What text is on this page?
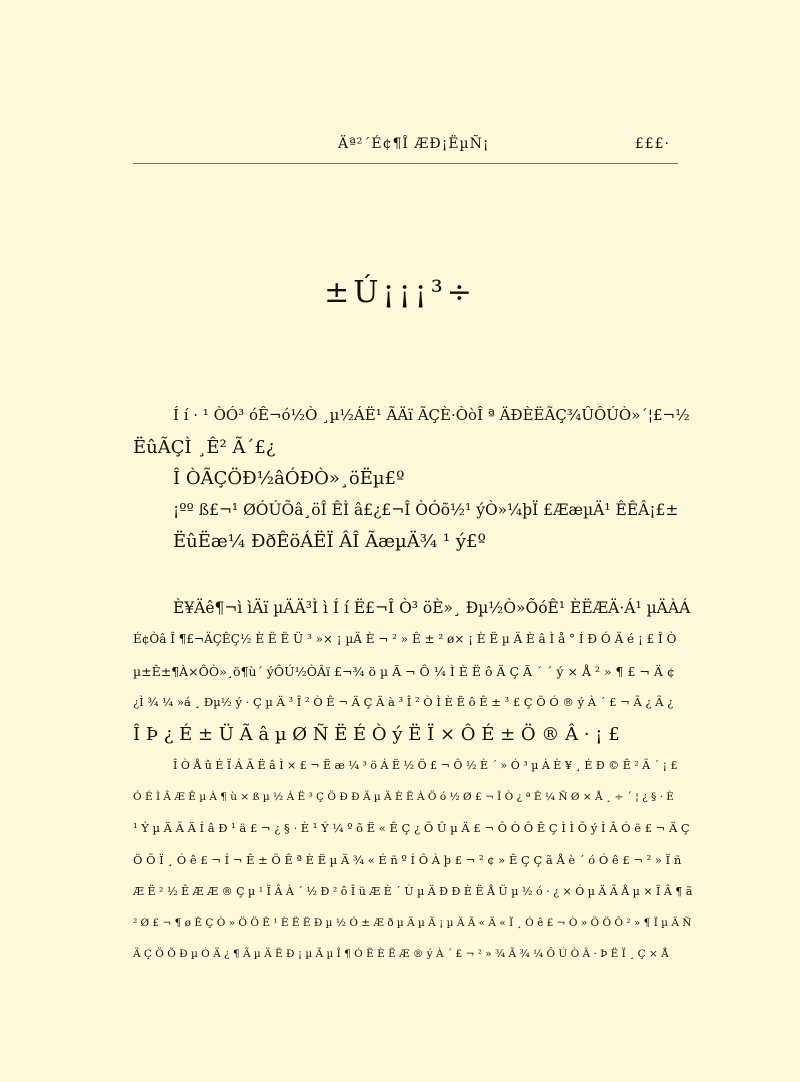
Äª²´É¢¶Î ÆÐ¡ËµÑ¡	£££·
±Ú¡¡¡³÷

Í í · ¹ ÒÓ³ óÊ¬ó½Ò ¸µ½ÁË¹ ÃÄï ÃÇÈ·ÒòÎ ª ÄÐÈËÃÇ¾ÛÔÚÒ»´¦£¬½

ËûÃÇÌ ¸Ê² Ã´£¿

Î ÒÃÇÖÐ½âÓÐÒ»¸öËµ£º

¡ºº ß£¬¹ ØÓÚÕâ¸öÎ ÊÌ â£¿£¬Î ÒÓõ½¹ ýÒ»¼þÏ £ÆæµÄ¹ ÊÊÂ¡£±

ËûËæ¼ ÐðÊöÁËÏ ÂÎ ÃæµÄ¾ ¹ ý£º

È¥Äê¶¬ì ìÄï µÄÄ³Ì ì Í í Ë£¬Î Ò³ öÈ»¸ Ðµ½Ò»ÕóÊ¹ ÈËÆÄ·Á¹ µÄÀÁ

É¢Òâ Î ¶£¬ÄÇÊÇ½ È Ë Ë Ü ³ »× ¡ µÄ È ¬ ² » Ê ± ² ø× ¡ È Ë µ Ä È â Ì å ° Í Ð Ó Ä é ¡ £ Î Ò

µ±Ê±¶À×ÔÒ»¸ö¶ù´ ýÔÚ½ÒÂï £¬¾ ö µ Ã ¬ Ô ¼ Ì È Ë ô Ä Ç Ã ´ ´ ý × Å ² » ¶ £ ¬ Ä ¢

¿Ì ¾ ¼ »á ¸ Ðµ½ ý · Ç µ Ä ³ Î ² Ò Ê ¬ Ä Ç Ä à ³ Î ² Ò Ì È Ë ô Ê ± ³ £ Ç Ö Ó ® ý À ´ £ ¬ Ã ¿ Ã ¿

Î Þ ¿ É ± Ü Ã â µ Ø Ñ Ë É Ò ý Ë Ï × Ô É ± Ö ® Â · ¡ £

Î Ò Å û É Ï Á Ã Ë â Ì × £ ¬ Ë æ ¼ ³ ö Á Ë ½ Ö £ ¬ Ô ½ È ´ » Ó ³ µ À È ¥ ¸ É Ð © Ê ² Ã ´ ¡ £

Ó É Ì Â Æ Ê µ À ¶ ù × ß µ ½ Á Ë ³ Ç Ö Ð Ð Ä µ Ä È Ë À Ö ó ½ Ø £ ¬ Î Ò ¿ ª Ê ¼ Ñ Ø × Å ¸ ÷ ´ ¦ ¿ § · È

¹ Ý µ Ä Ã Ä Í â Ð ¹ ä £ ¬ ¿ § · È ¹ Ý ¼ º õ Ë « Ê Ç ¿ Õ Û µ Ä £ ¬ Ô Ò Ô Ê Ç Ì Ì Õ ý Ì Â Ó ë £ ¬ Ä Ç

Ö Õ Ï ¸ Ó ê £ ¬ Í ¬ Ê ± Õ Ê ª È Ë µ Ä ¾ « É ñ º Í Ô À þ £ ¬ ² ¢ » Ê Ç Ç ã Å è ´ ó Ó ê £ ¬ ² » Ï ñ

Æ Ë ² ½ Ê Æ Æ ® Ç µ ¹ Ï Â À ´ ½ Ð ² ô Î ü Æ È ´ Ù µ Ä Ð Ð È Ë Å Ü µ ½ ó · ¿ × Ó µ Ä Ã Å µ × Ï Â ¶ ã

² Ø £ ¬ ¶ ø Ê Ç Ò » Ö Ö Ê ¹ È Ë Ë Ð µ ½ Ó ± Æ ð µ Ä µ Ã ¡ µ Ä Ã « Ä « Ï ¸ Ó ê £ ¬ Ò » Ö Ö Ô ² » ¶ Ï µ Ä Ñ

Ä Ç Ö Õ Ð µ Ó Ä ¿ ¶ Ã µ Ä Ë Ð ¡ µ Ã µ Î ¶ Ó Ë È Ë Æ ® ý À ´ £ ¬ ² » ¾ Ã ¾ ¼ Ô Ú Ò Â · Þ Ë Ï ¸ Ç × Å
